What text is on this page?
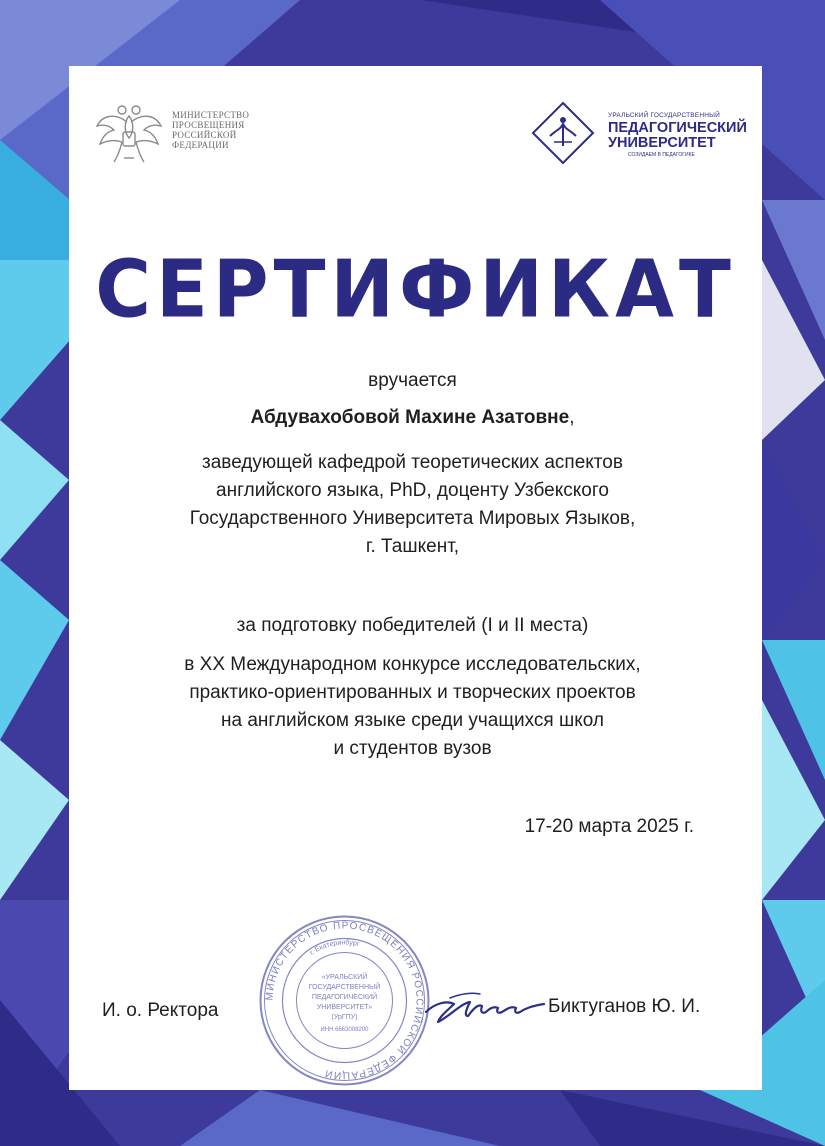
МИНИСТЕРСТВО
ПРОСВЕЩЕНИЯ
РОССИЙСКОЙ
ФЕДЕРАЦИИ
УРАЛЬСКИЙ ГОСУДАРСТВЕННЫЙ
ПЕДАГОГИЧЕСКИЙ
УНИВЕРСИТЕТ
СОЗИДАЕМ В ПЕДАГОГИКЕ
СЕРТИФИКАТ
вручается
Абдувахобовой Махине Азатовне,
заведующей кафедрой теоретических аспектов
английского языка, PhD, доценту Узбекского
Государственного Университета Мировых Языков,
г. Ташкент,
за подготовку победителей (I и II места)
в XX Международном конкурсе исследовательских,
практико-ориентированных и творческих проектов
на английском языке среди учащихся школ
и студентов вузов
17-20 марта 2025 г.
И. о. Ректора	Биктуганов Ю. И.
МИНИСТЕРСТВО ПРОСВЕЩЕНИЯ РОССИЙСКОЙ ФЕДЕРАЦИИ
г. Екатеринбург
«УРАЛЬСКИЙ
ГОСУДАРСТВЕННЫЙ
ПЕДАГОГИЧЕСКИЙ
УНИВЕРСИТЕТ»
(УрГПУ)
ИНН 6663008200
